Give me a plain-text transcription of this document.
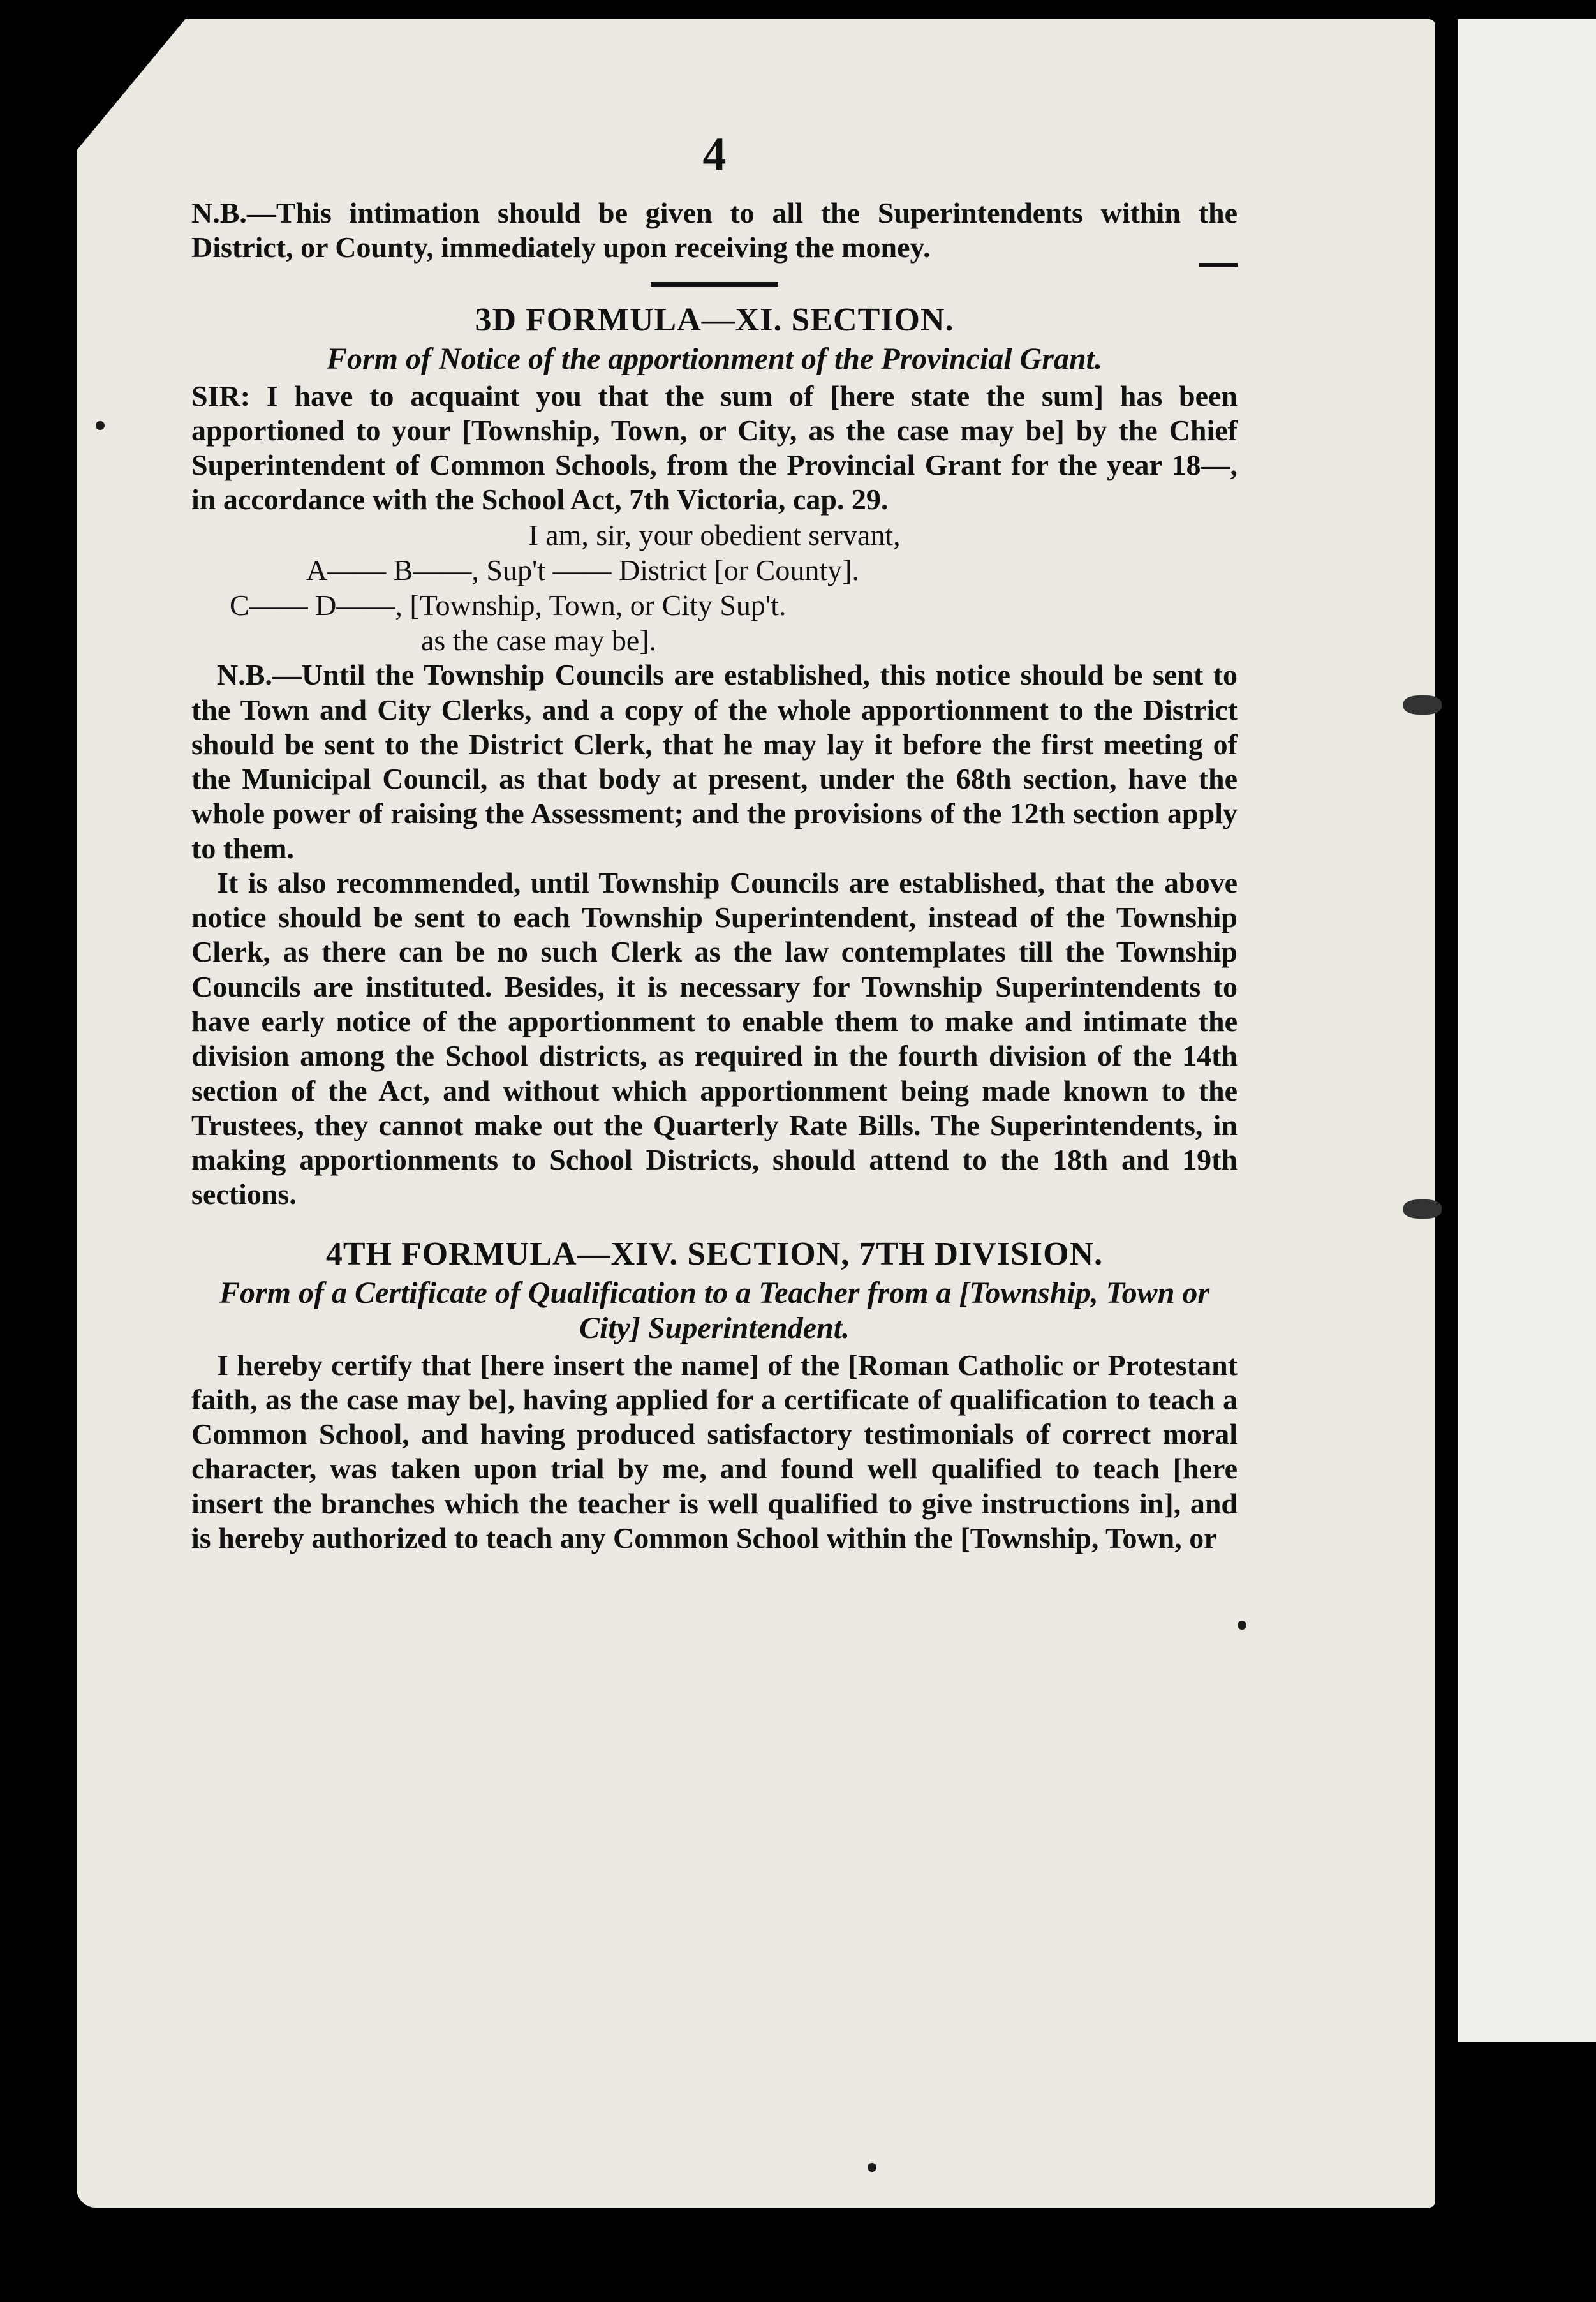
4

N.B.—This intimation should be given to all the Superintendents within the District, or County, immediately upon receiving the money.

3D FORMULA—XI. SECTION.
Form of Notice of the apportionment of the Provincial Grant.

SIR: I have to acquaint you that the sum of [here state the sum] has been apportioned to your [Township, Town, or City, as the case may be] by the Chief Superintendent of Common Schools, from the Provincial Grant for the year 18—, in accordance with the School Act, 7th Victoria, cap. 29.

I am, sir, your obedient servant,
A—— B——, Sup't —— District [or County].
C—— D——, [Township, Town, or City Sup't.
as the case may be].

N.B.—Until the Township Councils are established, this notice should be sent to the Town and City Clerks, and a copy of the whole apportionment to the District should be sent to the District Clerk, that he may lay it before the first meeting of the Municipal Council, as that body at present, under the 68th section, have the whole power of raising the Assessment; and the provisions of the 12th section apply to them.

It is also recommended, until Township Councils are established, that the above notice should be sent to each Township Superintendent, instead of the Township Clerk, as there can be no such Clerk as the law contemplates till the Township Councils are instituted. Besides, it is necessary for Township Superintendents to have early notice of the apportionment to enable them to make and intimate the division among the School districts, as required in the fourth division of the 14th section of the Act, and without which apportionment being made known to the Trustees, they cannot make out the Quarterly Rate Bills. The Superintendents, in making apportionments to School Districts, should attend to the 18th and 19th sections.

4TH FORMULA—XIV. SECTION, 7TH DIVISION.
Form of a Certificate of Qualification to a Teacher from a [Township, Town or City] Superintendent.

I hereby certify that [here insert the name] of the [Roman Catholic or Protestant faith, as the case may be], having applied for a certificate of qualification to teach a Common School, and having produced satisfactory testimonials of correct moral character, was taken upon trial by me, and found well qualified to teach [here insert the branches which the teacher is well qualified to give instructions in], and is hereby authorized to teach any Common School within the [Township, Town, or
